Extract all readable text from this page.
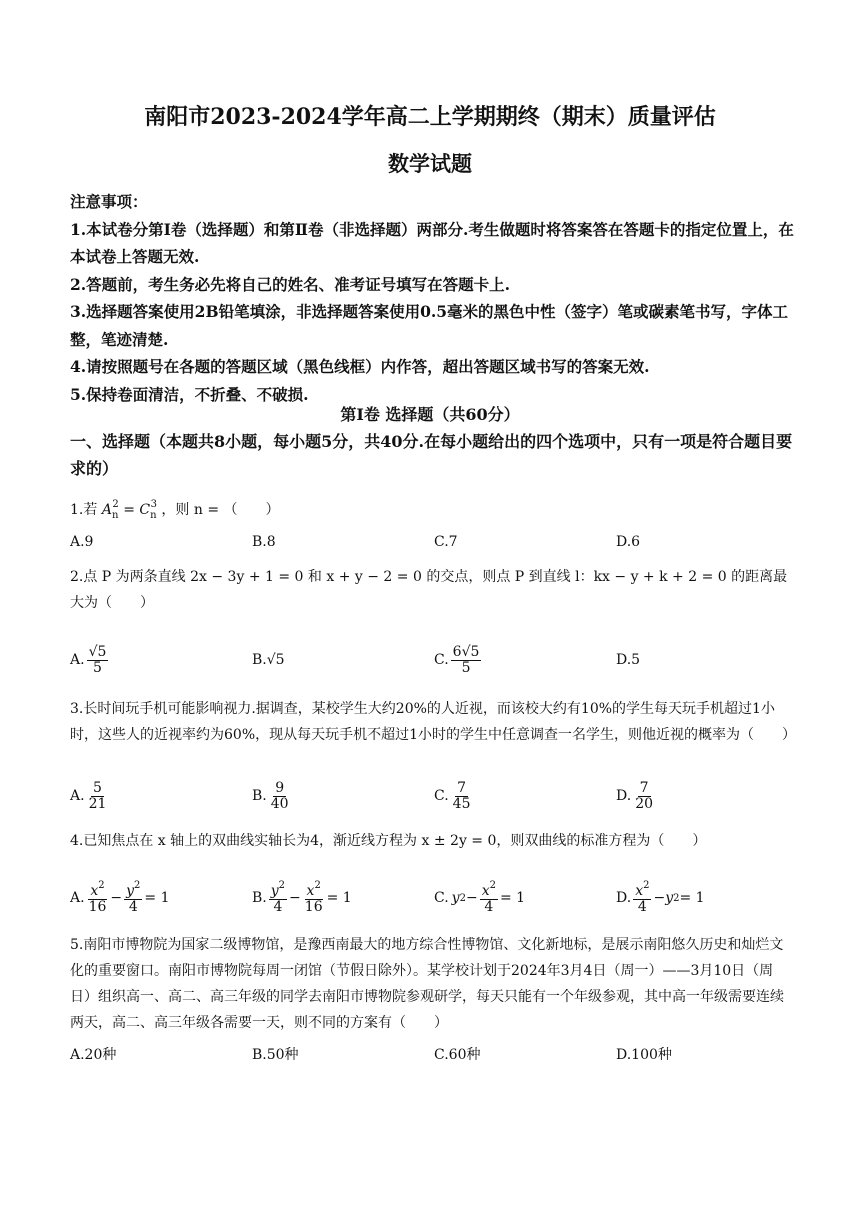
南阳市2023-2024学年高二上学期期终（期末）质量评估
数学试题

注意事项：

1.本试卷分第Ⅰ卷（选择题）和第Ⅱ卷（非选择题）两部分.考生做题时将答案答在答题卡的指定位置上，在本试卷上答题无效.

2.答题前，考生务必先将自己的姓名、准考证号填写在答题卡上.

3.选择题答案使用2B铅笔填涂，非选择题答案使用0.5毫米的黑色中性（签字）笔或碳素笔书写，字体工整，笔迹清楚.

4.请按照题号在各题的答题区域（黑色线框）内作答，超出答题区域书写的答案无效.

5.保持卷面清洁，不折叠、不破损.

第Ⅰ卷 选择题（共60分）
一、选择题（本题共8小题，每小题5分，共40分.在每小题给出的四个选项中，只有一项是符合题目要求的）
1.若 $A_n^2 = C_n^3$ ，则 n = （　　）
A.9	B.8	C.7	D.6
2.点 P 为两条直线 2x − 3y + 1 = 0 和 x + y − 2 = 0 的交点，则点 P 到直线 l：kx − y + k + 2 = 0 的距离最大为（　　）
A. $\frac{√5}{5}$	B. √5	C. $\frac{6√5}{5}$	D.5
3.长时间玩手机可能影响视力.据调查，某校学生大约20%的人近视，而该校大约有10%的学生每天玩手机超过1小时，这些人的近视率约为60%，现从每天玩手机不超过1小时的学生中任意调查一名学生，则他近视的概率为（　　）
A. $\frac{5}{21}$	B. $\frac{9}{40}$	C. $\frac{7}{45}$	D. $\frac{7}{20}$
4.已知焦点在 x 轴上的双曲线实轴长为4，渐近线方程为 x ± 2y = 0，则双曲线的标准方程为（　　）
A. $\frac{x^2}{16} - \frac{y^2}{4} = 1$	B. $\frac{y^2}{4} - \frac{x^2}{16} = 1$	C. y $2 - \frac{x^2}{4} = 1$	D. $\frac{x^2}{4} - y$ 2 = 1
5.南阳市博物院为国家二级博物馆，是豫西南最大的地方综合性博物馆、文化新地标，是展示南阳悠久历史和灿烂文化的重要窗口。南阳市博物院每周一闭馆（节假日除外）。某学校计划于2024年3月4日（周一）——3月10日（周日）组织高一、高二、高三年级的同学去南阳市博物院参观研学，每天只能有一个年级参观，其中高一年级需要连续两天，高二、高三年级各需要一天，则不同的方案有（　　）
A.20种	B.50种	C.60种	D.100种
